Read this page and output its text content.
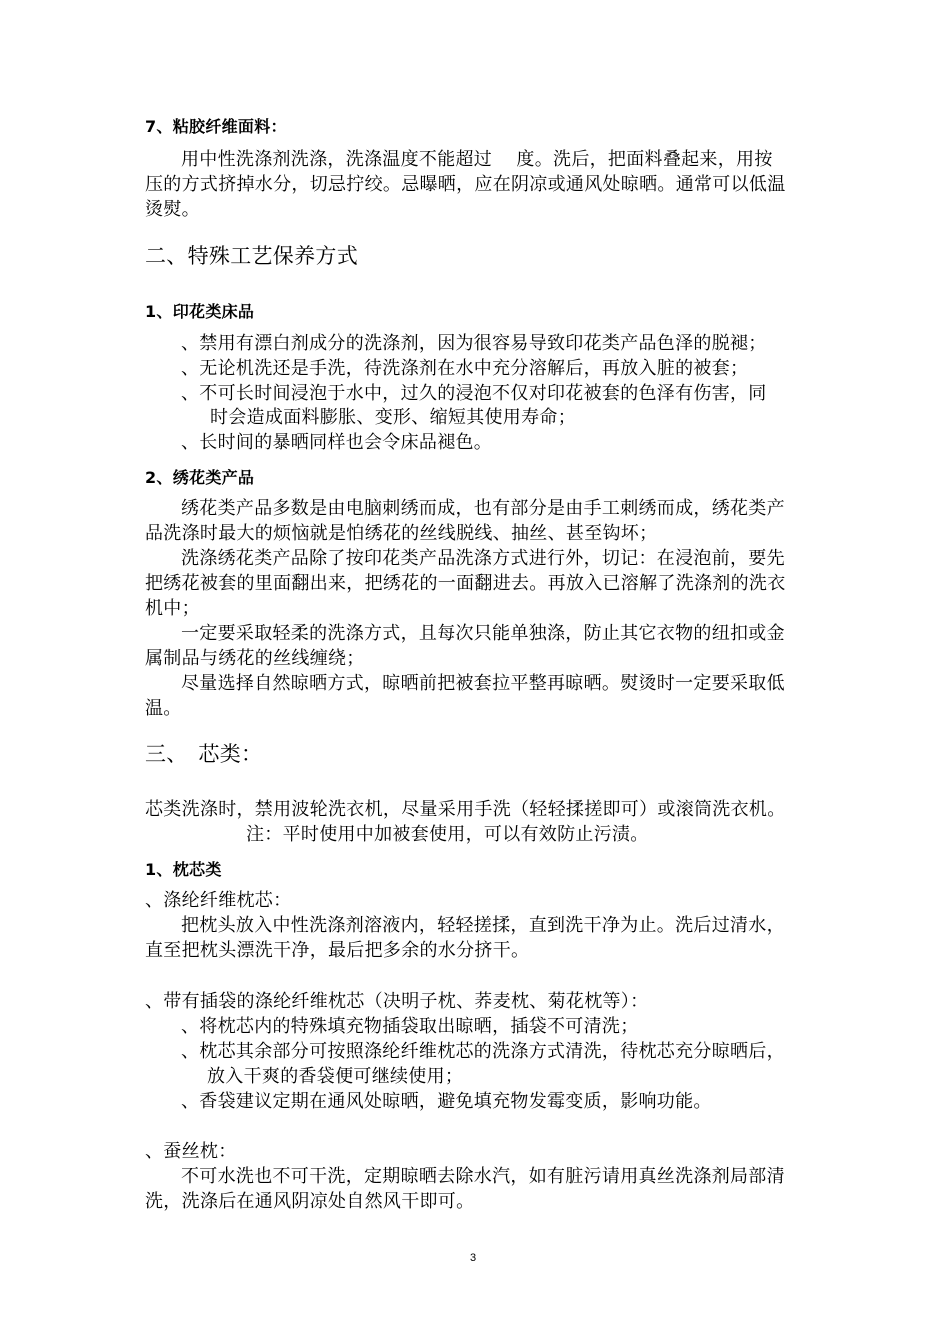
7、粘胶纤维面料：
用中性洗涤剂洗涤，洗涤温度不能超过　 度。洗后，把面料叠起来，用按
压的方式挤掉水分，切忌拧绞。忌曝晒，应在阴凉或通风处晾晒。通常可以低温
烫熨。
二、特殊工艺保养方式
1、印花类床品
、禁用有漂白剂成分的洗涤剂，因为很容易导致印花类产品色泽的脱褪；
、无论机洗还是手洗，待洗涤剂在水中充分溶解后，再放入脏的被套；
、不可长时间浸泡于水中，过久的浸泡不仅对印花被套的色泽有伤害，同
时会造成面料膨胀、变形、缩短其使用寿命；
、长时间的暴晒同样也会令床品褪色。
2、绣花类产品
绣花类产品多数是由电脑刺绣而成，也有部分是由手工刺绣而成，绣花类产
品洗涤时最大的烦恼就是怕绣花的丝线脱线、抽丝、甚至钩坏；
洗涤绣花类产品除了按印花类产品洗涤方式进行外，切记：在浸泡前，要先
把绣花被套的里面翻出来，把绣花的一面翻进去。再放入已溶解了洗涤剂的洗衣
机中；
一定要采取轻柔的洗涤方式，且每次只能单独涤，防止其它衣物的纽扣或金
属制品与绣花的丝线缠绕；
尽量选择自然晾晒方式，晾晒前把被套拉平整再晾晒。熨烫时一定要采取低
温。
三、　芯类：
芯类洗涤时，禁用波轮洗衣机，尽量采用手洗（轻轻揉搓即可）或滚筒洗衣机。
注：平时使用中加被套使用，可以有效防止污渍。
1、枕芯类
、涤纶纤维枕芯：
把枕头放入中性洗涤剂溶液内，轻轻搓揉，直到洗干净为止。洗后过清水，
直至把枕头漂洗干净，最后把多余的水分挤干。
、带有插袋的涤纶纤维枕芯（决明子枕、荞麦枕、菊花枕等）：
、将枕芯内的特殊填充物插袋取出晾晒，插袋不可清洗；
、枕芯其余部分可按照涤纶纤维枕芯的洗涤方式清洗，待枕芯充分晾晒后，
放入干爽的香袋便可继续使用；
、香袋建议定期在通风处晾晒，避免填充物发霉变质，影响功能。
、蚕丝枕：
不可水洗也不可干洗，定期晾晒去除水汽，如有脏污请用真丝洗涤剂局部清
洗，洗涤后在通风阴凉处自然风干即可。
3
